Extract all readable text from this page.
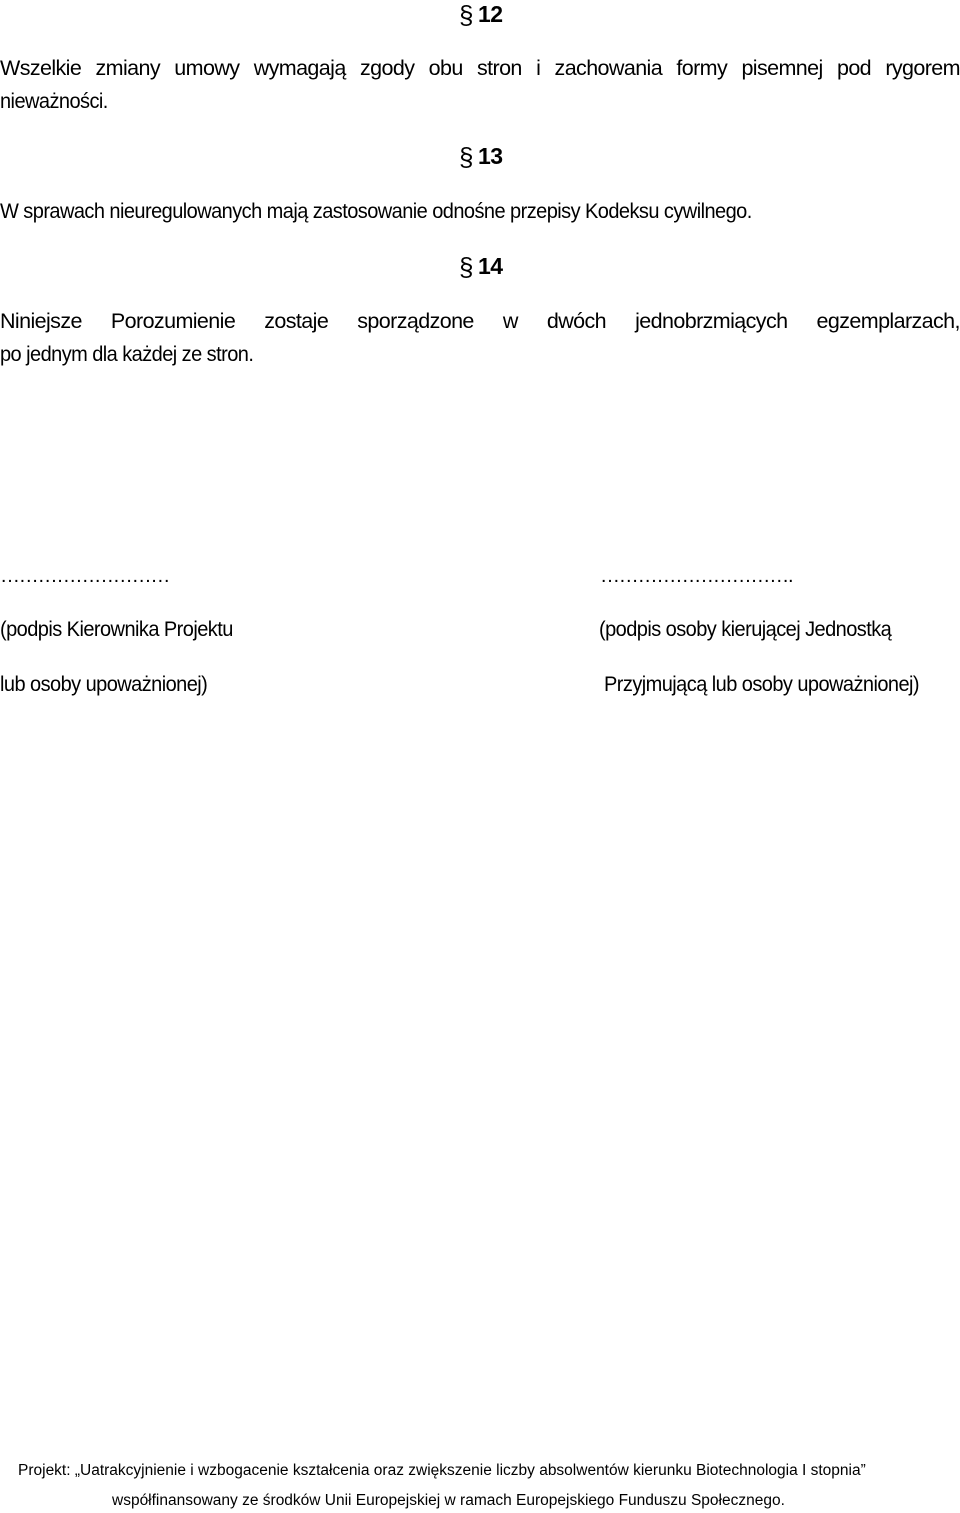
§ 12
Wszelkie zmiany umowy wymagają zgody obu stron i zachowania formy pisemnej pod rygorem

nieważności.

§ 13

W sprawach nieuregulowanych mają zastosowanie odnośne przepisy Kodeksu cywilnego.

§ 14
Niniejsze Porozumienie zostaje sporządzone w dwóch jednobrzmiących egzemplarzach,

po jednym dla każdej ze stron.

………………………	………………………….

(podpis Kierownika Projektu	(podpis osoby kierującej Jednostką

lub osoby upoważnionej)	Przyjmującą lub osoby upoważnionej)

Projekt: „Uatrakcyjnienie i wzbogacenie kształcenia oraz zwiększenie liczby absolwentów kierunku Biotechnologia I stopnia”

współfinansowany ze środków Unii Europejskiej w ramach Europejskiego Funduszu Społecznego.
